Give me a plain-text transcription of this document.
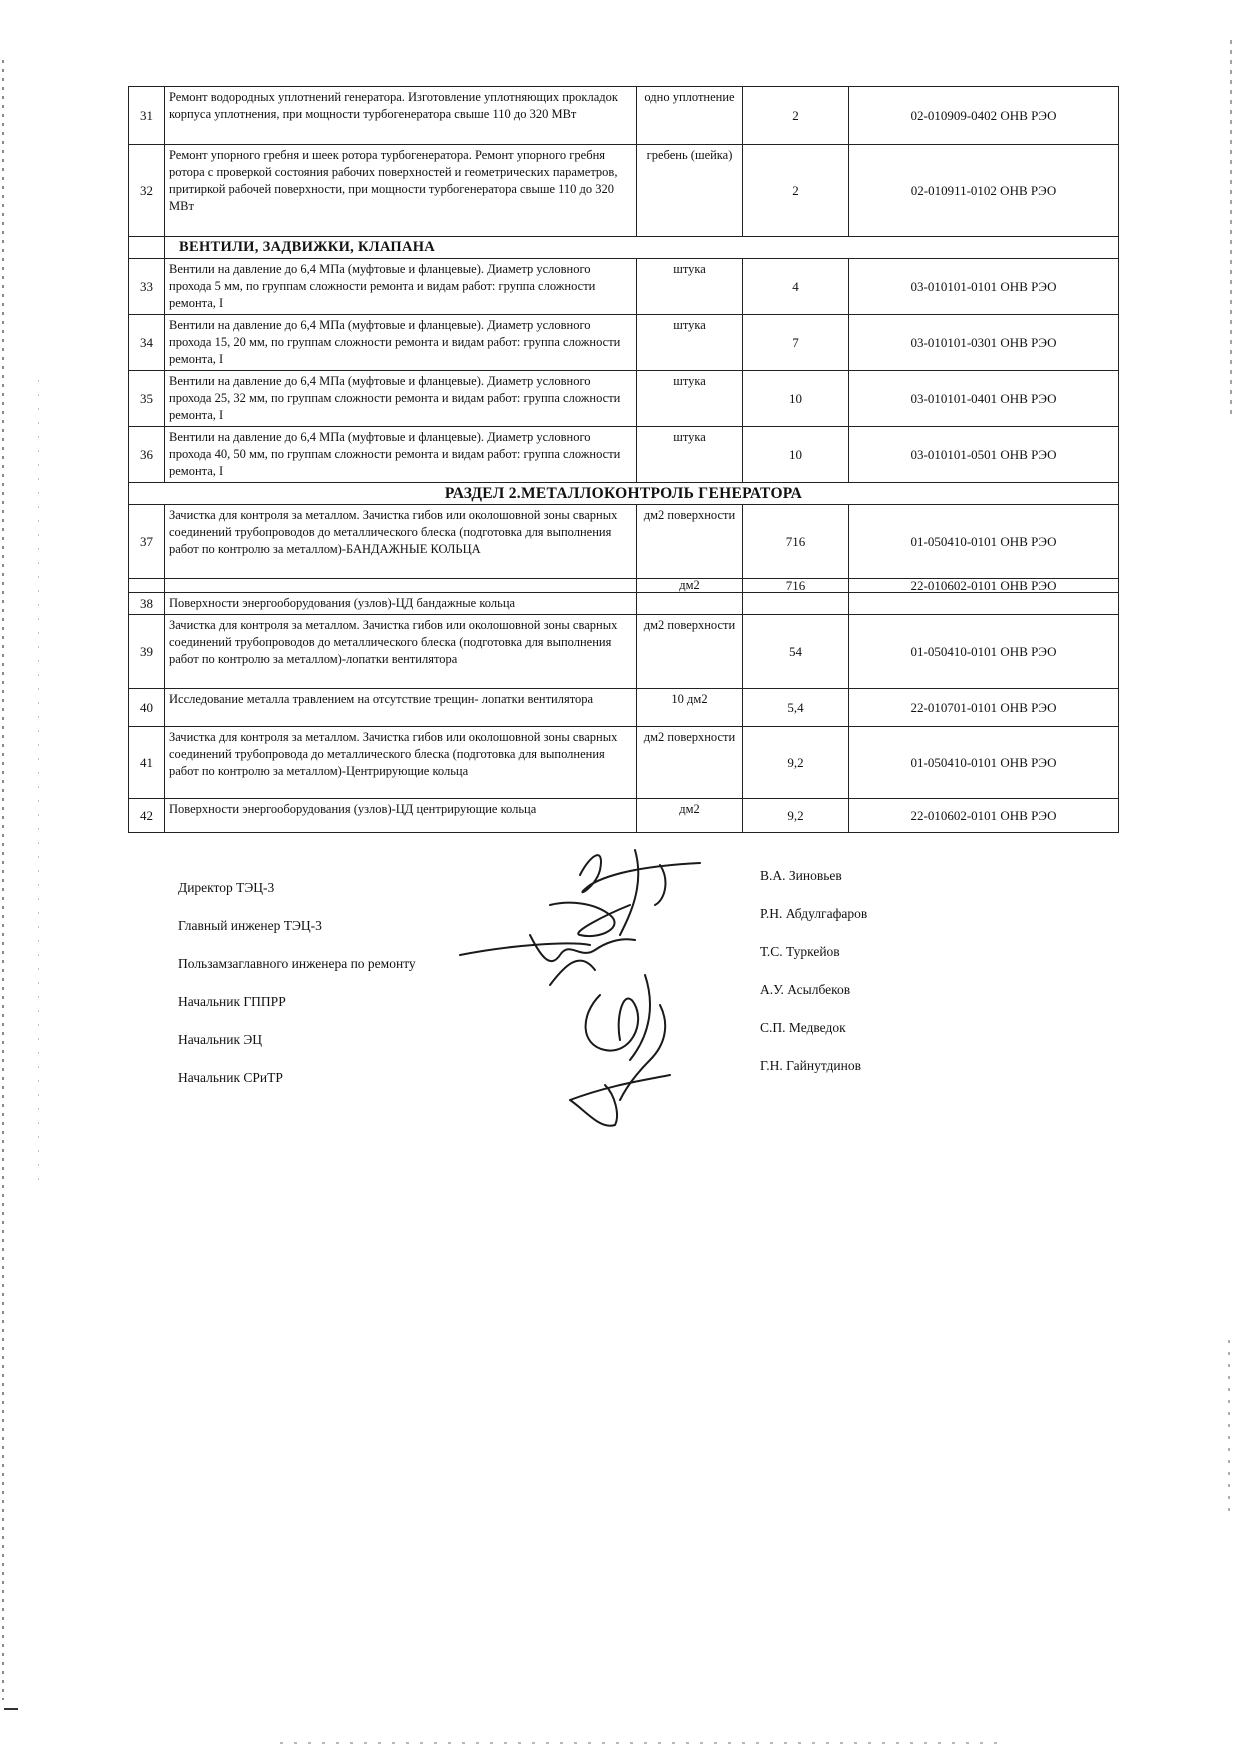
31	Ремонт водородных уплотнений генератора. Изготовление уплотняющих прокладок корпуса уплотнения, при мощности турбогенератора свыше 110 до 320 МВт	одно уплотнение	2	02-010909-0402 ОНВ РЭО
32	Ремонт упорного гребня и шеек ротора турбогенератора. Ремонт упорного гребня ротора с проверкой состояния рабочих поверхностей и геометрических параметров, притиркой рабочей поверхности, при мощности турбогенератора свыше 110 до 320 МВт	гребень (шейка)	2	02-010911-0102 ОНВ РЭО
	ВЕНТИЛИ, ЗАДВИЖКИ, КЛАПАНА			
33	Вентили на давление до 6,4 МПа (муфтовые и фланцевые). Диаметр условного прохода 5 мм, по группам сложности ремонта и видам работ: группа сложности ремонта, I	штука	4	03-010101-0101 ОНВ РЭО
34	Вентили на давление до 6,4 МПа (муфтовые и фланцевые). Диаметр условного прохода 15, 20 мм, по группам сложности ремонта и видам работ: группа сложности ремонта, I	штука	7	03-010101-0301 ОНВ РЭО
35	Вентили на давление до 6,4 МПа (муфтовые и фланцевые). Диаметр условного прохода 25, 32 мм, по группам сложности ремонта и видам работ: группа сложности ремонта, I	штука	10	03-010101-0401 ОНВ РЭО
36	Вентили на давление до 6,4 МПа (муфтовые и фланцевые). Диаметр условного прохода 40, 50 мм, по группам сложности ремонта и видам работ: группа сложности ремонта, I	штука	10	03-010101-0501 ОНВ РЭО
РАЗДЕЛ 2.МЕТАЛЛОКОНТРОЛЬ ГЕНЕРАТОРА				
37	Зачистка для контроля за металлом. Зачистка гибов или околошовной зоны сварных соединений трубопроводов до металлического блеска (подготовка для выполнения работ по контролю за металлом)-БАНДАЖНЫЕ КОЛЬЦА	дм2 поверхности	716	01-050410-0101 ОНВ РЭО
		дм2	716	22-010602-0101 ОНВ РЭО
38	Поверхности энергооборудования (узлов)-ЦД бандажные кольца			
39	Зачистка для контроля за металлом. Зачистка гибов или околошовной зоны сварных соединений трубопроводов до металлического блеска (подготовка для выполнения работ по контролю за металлом)-лопатки вентилятора	дм2 поверхности	54	01-050410-0101 ОНВ РЭО
40	Исследование металла травлением на отсутствие трещин- лопатки вентилятора	10 дм2	5,4	22-010701-0101 ОНВ РЭО
41	Зачистка для контроля за металлом. Зачистка гибов или околошовной зоны сварных соединений трубопровода до металлического блеска (подготовка для выполнения работ по контролю за металлом)-Центрирующие кольца	дм2 поверхности	9,2	01-050410-0101 ОНВ РЭО
42	Поверхности энергооборудования (узлов)-ЦД центрирующие кольца	дм2	9,2	22-010602-0101 ОНВ РЭО
Директор ТЭЦ-3
Главный инженер ТЭЦ-3
Пользамзаглавного инженера по ремонту
Начальник ГППРР
Начальник ЭЦ
Начальник СРиТР
В.А. Зиновьев
Р.Н. Абдулгафаров
Т.С. Туркейов
А.У. Асылбеков
С.П. Медведок
Г.Н. Гайнутдинов
